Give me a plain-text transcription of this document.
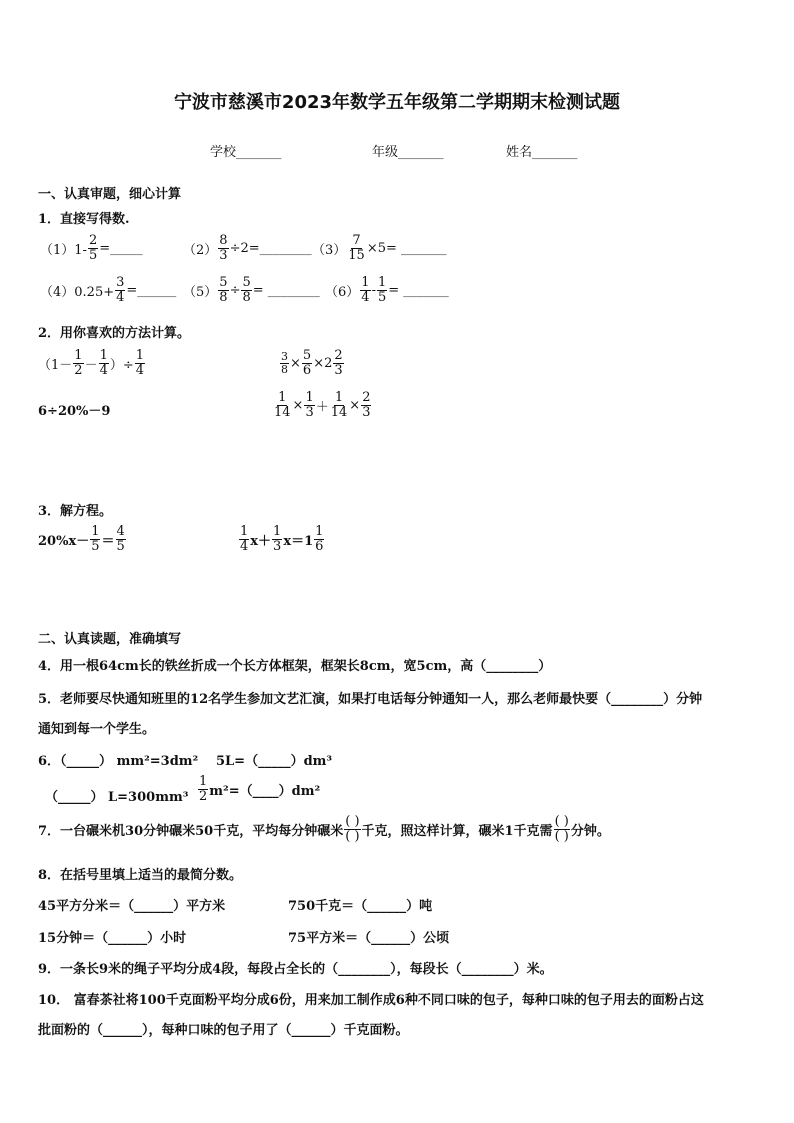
宁波市慈溪市2023年数学五年级第二学期期末检测试题
学校_______	年级_______	姓名_______
一、认真审题，细心计算
1．直接写得数.
$(1)1- \frac{2}{5}$ =_____	$(2) \frac{8}{3}$ ÷2=________ $(3) \frac{7}{15} \times 5=$ _______
$(4)0.25+ \frac{3}{4}$ =______ $(5) \frac{5}{8} \div \frac{5}{8}$ = ________ $(6) \frac{1}{4} - \frac{1}{5}$ = _______
2．用你喜欢的方法计算。
（$1- \frac{1}{2} - \frac{1}{4}$ ）÷ $\frac{1}{4}$	$\frac{3}{8} \times \frac{5}{6} \times 2 \frac{2}{3}$
6÷20%－9	$\frac{1}{14} \times \frac{1}{3} + \frac{1}{14} \times \frac{2}{3}$
3．解方程。
$20\%x- \frac{1}{5} = \frac{4}{5}$	$\frac{1}{4} x+ \frac{1}{3} x=1 \frac{1}{6}$
二、认真读题，准确填写
4．用一根64cm长的铁丝折成一个长方体框架，框架长8cm，宽5cm，高（________）
5．老师要尽快通知班里的12名学生参加文艺汇演，如果打电话每分钟通知一人，那么老师最快要（________）分钟
通知到每一个学生。
6．（_____） mm²=3dm² 5L=（_____）dm³
（_____） $L=300mm^3 \frac{1}{2}$ m²=（____）dm²
7．一台碾米机30分钟碾米50千克，平均每分钟碾米 $\frac{( )}{( )}$ 千克，照这样计算，碾米1千克需 $\frac{( )}{( )}$ 分钟。
8．在括号里填上适当的最简分数。
45平方分米＝（______）平方米	750千克＝（______）吨
15分钟＝（______）小时	75平方米＝（______）公顷
9．一条长9米的绳子平均分成4段，每段占全长的（________），每段长（________）米。
10． 富春茶社将100千克面粉平均分成6份，用来加工制作成6种不同口味的包子，每种口味的包子用去的面粉占这
批面粉的（______），每种口味的包子用了（______）千克面粉。
